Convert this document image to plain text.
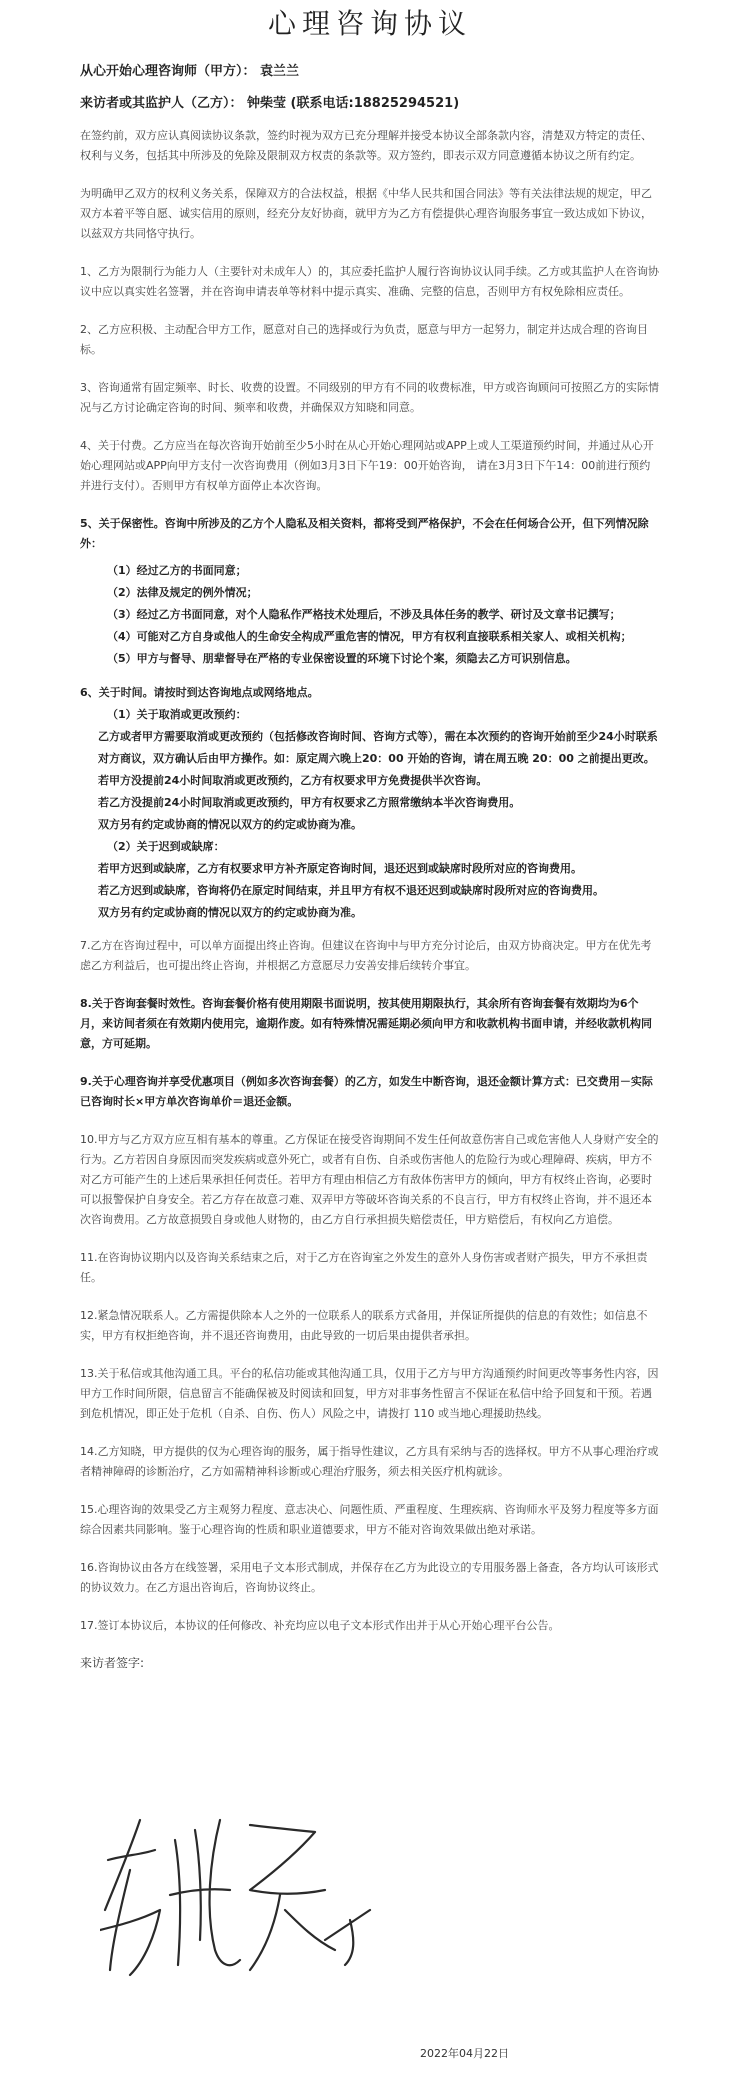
心理咨询协议
从心开始心理咨询师（甲方）： 袁兰兰
来访者或其监护人（乙方）： 钟柴莹 (联系电话:18825294521)

在签约前，双方应认真阅读协议条款，签约时视为双方已充分理解并接受本协议全部条款内容，清楚双方特定的责任、权利与义务，包括其中所涉及的免除及限制双方权责的条款等。双方签约，即表示双方同意遵循本协议之所有约定。

为明确甲乙双方的权利义务关系，保障双方的合法权益，根据《中华人民共和国合同法》等有关法律法规的规定，甲乙双方本着平等自愿、诚实信用的原则，经充分友好协商，就甲方为乙方有偿提供心理咨询服务事宜一致达成如下协议，以兹双方共同恪守执行。

1、乙方为限制行为能力人（主要针对未成年人）的，其应委托监护人履行咨询协议认同手续。乙方或其监护人在咨询协议中应以真实姓名签署，并在咨询申请表单等材料中提示真实、准确、完整的信息，否则甲方有权免除相应责任。

2、乙方应积极、主动配合甲方工作，愿意对自己的选择或行为负责，愿意与甲方一起努力，制定并达成合理的咨询目标。

3、咨询通常有固定频率、时长、收费的设置。不同级别的甲方有不同的收费标准，甲方或咨询顾问可按照乙方的实际情况与乙方讨论确定咨询的时间、频率和收费，并确保双方知晓和同意。

4、关于付费。乙方应当在每次咨询开始前至少5小时在从心开始心理网站或APP上或人工渠道预约时间，并通过从心开始心理网站或APP向甲方支付一次咨询费用（例如3月3日下午19：00开始咨询， 请在3月3日下午14：00前进行预约并进行支付）。否则甲方有权单方面停止本次咨询。

5、关于保密性。咨询中所涉及的乙方个人隐私及相关资料，都将受到严格保护，不会在任何场合公开，但下列情况除外：

（1）经过乙方的书面同意；

（2）法律及规定的例外情况；

（3）经过乙方书面同意，对个人隐私作严格技术处理后，不涉及具体任务的教学、研讨及文章书记撰写；

（4）可能对乙方自身或他人的生命安全构成严重危害的情况，甲方有权利直接联系相关家人、或相关机构；

（5）甲方与督导、朋辈督导在严格的专业保密设置的环境下讨论个案，须隐去乙方可识别信息。

6、关于时间。请按时到达咨询地点或网络地点。

（1）关于取消或更改预约：

乙方或者甲方需要取消或更改预约（包括修改咨询时间、咨询方式等），需在本次预约的咨询开始前至少24小时联系对方商议，双方确认后由甲方操作。如：原定周六晚上20：00 开始的咨询，请在周五晚 20：00 之前提出更改。

若甲方没提前24小时间取消或更改预约，乙方有权要求甲方免费提供半次咨询。

若乙方没提前24小时间取消或更改预约，甲方有权要求乙方照常缴纳本半次咨询费用。

双方另有约定或协商的情况以双方的约定或协商为准。

（2）关于迟到或缺席：

若甲方迟到或缺席，乙方有权要求甲方补齐原定咨询时间，退还迟到或缺席时段所对应的咨询费用。

若乙方迟到或缺席，咨询将仍在原定时间结束，并且甲方有权不退还迟到或缺席时段所对应的咨询费用。

双方另有约定或协商的情况以双方的约定或协商为准。

7.乙方在咨询过程中，可以单方面提出终止咨询。但建议在咨询中与甲方充分讨论后，由双方协商决定。甲方在优先考虑乙方利益后，也可提出终止咨询，并根据乙方意愿尽力安善安排后续转介事宜。

8.关于咨询套餐时效性。咨询套餐价格有使用期限书面说明，按其使用期限执行，其余所有咨询套餐有效期均为6个月，来访间者须在有效期内使用完，逾期作废。如有特殊情况需延期必须向甲方和收款机构书面申请，并经收款机构同意，方可延期。

9.关于心理咨询并享受优惠项目（例如多次咨询套餐）的乙方，如发生中断咨询，退还金额计算方式：已交费用－实际已咨询时长×甲方单次咨询单价＝退还金额。

10.甲方与乙方双方应互相有基本的尊重。乙方保证在接受咨询期间不发生任何故意伤害自己或危害他人人身财产安全的行为。乙方若因自身原因而突发疾病或意外死亡，或者有自伤、自杀或伤害他人的危险行为或心理障碍、疾病，甲方不对乙方可能产生的上述后果承担任何责任。若甲方有理由相信乙方有敌体伤害甲方的倾向，甲方有权终止咨询，必要时可以报警保护自身安全。若乙方存在故意刁难、双弄甲方等破坏咨询关系的不良言行，甲方有权终止咨询，并不退还本次咨询费用。乙方故意损毁自身或他人财物的，由乙方自行承担损失赔偿责任，甲方赔偿后，有权向乙方追偿。

11.在咨询协议期内以及咨询关系结束之后，对于乙方在咨询室之外发生的意外人身伤害或者财产损失，甲方不承担责任。

12.紧急情况联系人。乙方需提供除本人之外的一位联系人的联系方式备用，并保证所提供的信息的有效性；如信息不实，甲方有权拒绝咨询，并不退还咨询费用，由此导致的一切后果由提供者承担。

13.关于私信或其他沟通工具。平台的私信功能或其他沟通工具，仅用于乙方与甲方沟通预约时间更改等事务性内容，因甲方工作时间所限，信息留言不能确保被及时阅读和回复，甲方对非事务性留言不保证在私信中给予回复和干预。若遇到危机情况，即正处于危机（自杀、自伤、伤人）风险之中，请拨打 110 或当地心理援助热线。

14.乙方知晓，甲方提供的仅为心理咨询的服务，属于指导性建议，乙方具有采纳与否的选择权。甲方不从事心理治疗或者精神障碍的诊断治疗，乙方如需精神科诊断或心理治疗服务，须去相关医疗机构就诊。

15.心理咨询的效果受乙方主观努力程度、意志决心、问题性质、严重程度、生理疾病、咨询师水平及努力程度等多方面综合因素共同影响。鉴于心理咨询的性质和职业道德要求，甲方不能对咨询效果做出绝对承诺。

16.咨询协议由各方在线签署，采用电子文本形式制成，并保存在乙方为此设立的专用服务器上备查，各方均认可该形式的协议效力。在乙方退出咨询后，咨询协议终止。

17.签订本协议后，本协议的任何修改、补充均应以电子文本形式作出并于从心开始心理平台公告。

来访者签字:
2022年04月22日
